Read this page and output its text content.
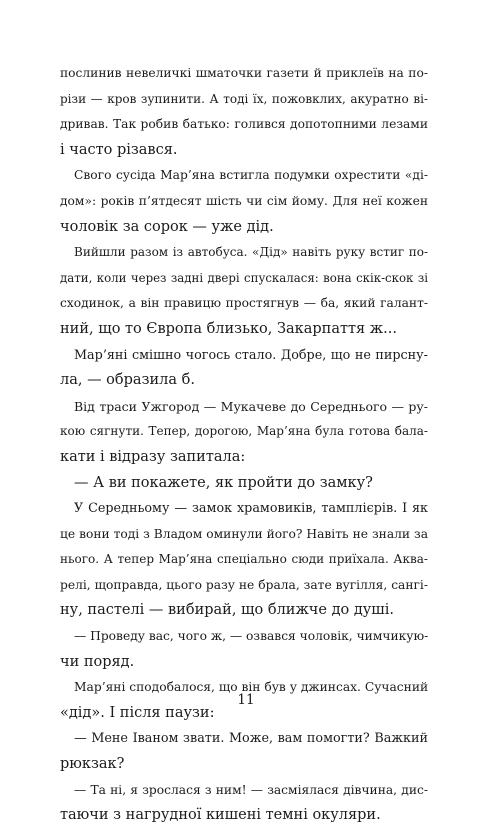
послинив невеличкі шматочки газети й приклеїв на по-
рiзи — кров зупинити. А тоді їх, пожовклих, акуратно ві-
дривав. Так робив батько: голився допотопними лезами
і часто різався.
Свого сусіда Мар’яна встигла подумки охрестити «ді-
дом»: років п’ятдесят шість чи сім йому. Для неї кожен
чоловік за сорок — уже дід.
Вийшли разом із автобуса. «Дід» навіть руку встиг по-
дати, коли через задні двері спускалася: вона скік-скок зі
сходинок, а він правицю простягнув — ба, який галант-
ний, що то Європа близько, Закарпаття ж...
Мар’яні смішно чогось стало. Добре, що не пирсну-
ла, — образила б.
Від траси Ужгород — Мукачеве до Середнього — ру-
кою сягнути. Тепер, дорогою, Мар’яна була готова бала-
кати і відразу запитала:
— А ви покажете, як пройти до замку?
У Середньому — замок храмовиків, тамплієрів. І як
це вони тоді з Владом оминули його? Навіть не знали за
нього. А тепер Мар’яна спеціально сюди приїхала. Аква-
релі, щоправда, цього разу не брала, зате вугілля, сангі-
ну, пастелі — вибирай, що ближче до душі.
— Проведу вас, чого ж, — озвався чоловік, чимчикую-
чи поряд.
Мар’яні сподобалося, що він був у джинсах. Сучасний
«дід». І після паузи:
— Мене Іваном звати. Може, вам помогти? Важкий
рюкзак?
— Та ні, я зрослася з ним! — засміялася дівчина, дис-
таючи з нагрудної кишені темні окуляри.
11
